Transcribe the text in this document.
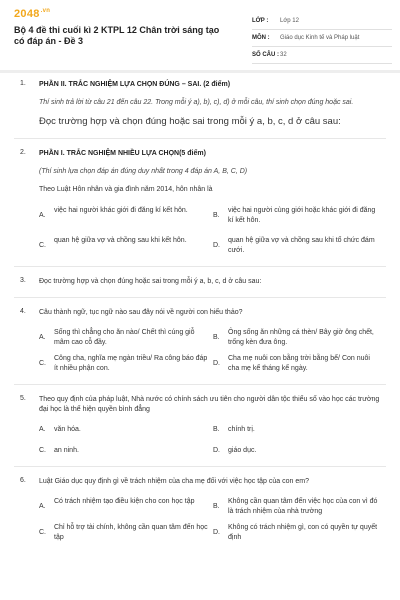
$2048^{.vn}$
Bộ 4 đề thi cuối kì 2 KTPL 12 Chân trời sáng tạo có đáp án - Đề 3
LỚP :	Lớp 12
MÔN :	Giáo dục Kinh tế và Pháp luật
SỐ CÂU : 32
1. PHẦN II. TRẮC NGHIỆM LỰA CHỌN ĐÚNG – SAI. (2 điểm)
Thí sinh trả lời từ câu 21 đến câu 22. Trong mỗi ý a), b), c), d) ở mỗi câu, thí sinh chọn đúng hoặc sai.
Đọc trường hợp và chọn đúng hoặc sai trong mỗi ý a, b, c, d ở câu sau:
2. PHẦN I. TRẮC NGHIỆM NHIỀU LỰA CHỌN(5 điểm)
(Thí sinh lựa chọn đáp án đúng duy nhất trong 4 đáp án A, B, C, D)
Theo Luật Hôn nhân và gia đình năm 2014, hôn nhân là
A.
việc hai người khác giới đi đăng kí kết hôn.
B.
việc hai người cùng giới hoặc khác giới đi đăng kí kết hôn.
C.
quan hệ giữa vợ và chồng sau khi kết hôn.
D.
quan hệ giữa vợ và chồng sau khi tổ chức đám cưới.
3. Đọc trường hợp và chọn đúng hoặc sai trong mỗi ý a, b, c, d ở câu sau:
4. Câu thành ngữ, tục ngữ nào sau đây nói về người con hiếu thảo?
A.
Sống thì chẳng cho ăn nào/ Chết thì cúng giỗ mâm cao cỗ đầy.
B.
Ông sống ăn những cá thèn/ Bây giờ ông chết, trống kèn đưa ông.
C.
Công cha, nghĩa mẹ ngàn triều/ Ra công báo đáp ít nhiều phận con.
D.
Cha mẹ nuôi con bằng trời bằng bể/ Con nuôi cha mẹ kể tháng kể ngày.
5. Theo quy định của pháp luật, Nhà nước có chính sách ưu tiên cho người dân tộc thiểu số vào học các trường đại học là thể hiện quyền bình đẳng
A. văn hóa.	B. chính trị.
C. an ninh.	D. giáo dục.
6. Luật Giáo dục quy định gì về trách nhiệm của cha mẹ đối với việc học tập của con em?
A.
Có trách nhiệm tạo điều kiện cho con học tập
B.
Không cần quan tâm đến việc học của con vì đó là trách nhiệm của nhà trường
C.
Chỉ hỗ trợ tài chính, không cần quan tâm đến học tập
D.
Không có trách nhiệm gì, con có quyền tự quyết định
